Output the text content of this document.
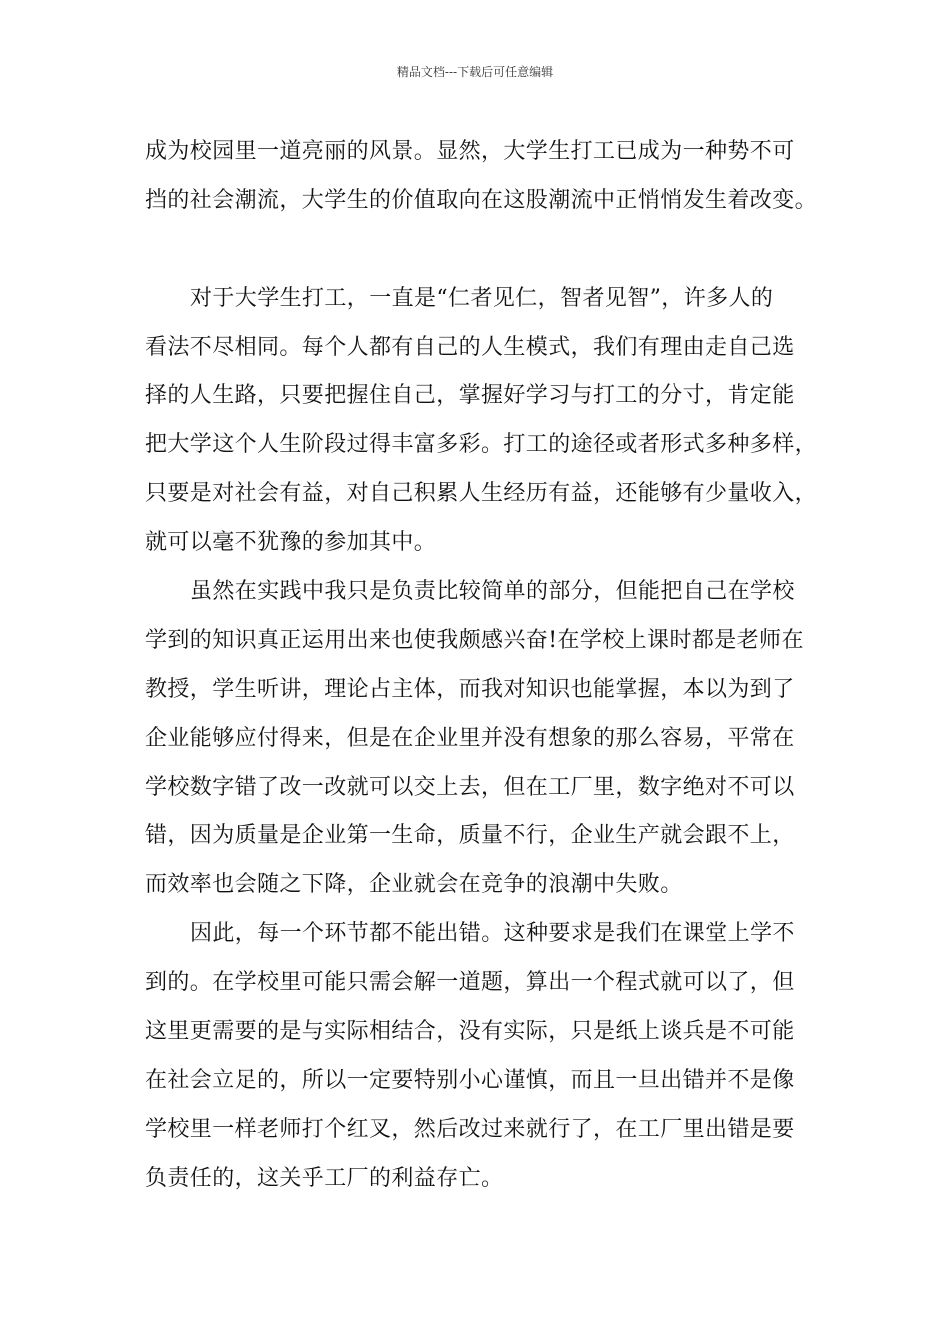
精品文档---下载后可任意编辑
成为校园里一道亮丽的风景。显然，大学生打工已成为一种势不可
挡的社会潮流，大学生的价值取向在这股潮流中正悄悄发生着改变。
对于大学生打工，一直是“仁者见仁，智者见智”，许多人的
看法不尽相同。每个人都有自己的人生模式，我们有理由走自己选
择的人生路，只要把握住自己，掌握好学习与打工的分寸，肯定能
把大学这个人生阶段过得丰富多彩。打工的途径或者形式多种多样，
只要是对社会有益，对自己积累人生经历有益，还能够有少量收入，
就可以毫不犹豫的参加其中。
虽然在实践中我只是负责比较简单的部分，但能把自己在学校
学到的知识真正运用出来也使我颇感兴奋!在学校上课时都是老师在
教授，学生听讲，理论占主体，而我对知识也能掌握，本以为到了
企业能够应付得来，但是在企业里并没有想象的那么容易，平常在
学校数字错了改一改就可以交上去，但在工厂里，数字绝对不可以
错，因为质量是企业第一生命，质量不行，企业生产就会跟不上，
而效率也会随之下降，企业就会在竞争的浪潮中失败。
因此，每一个环节都不能出错。这种要求是我们在课堂上学不
到的。在学校里可能只需会解一道题，算出一个程式就可以了，但
这里更需要的是与实际相结合，没有实际，只是纸上谈兵是不可能
在社会立足的，所以一定要特别小心谨慎，而且一旦出错并不是像
学校里一样老师打个红叉，然后改过来就行了，在工厂里出错是要
负责任的，这关乎工厂的利益存亡。
